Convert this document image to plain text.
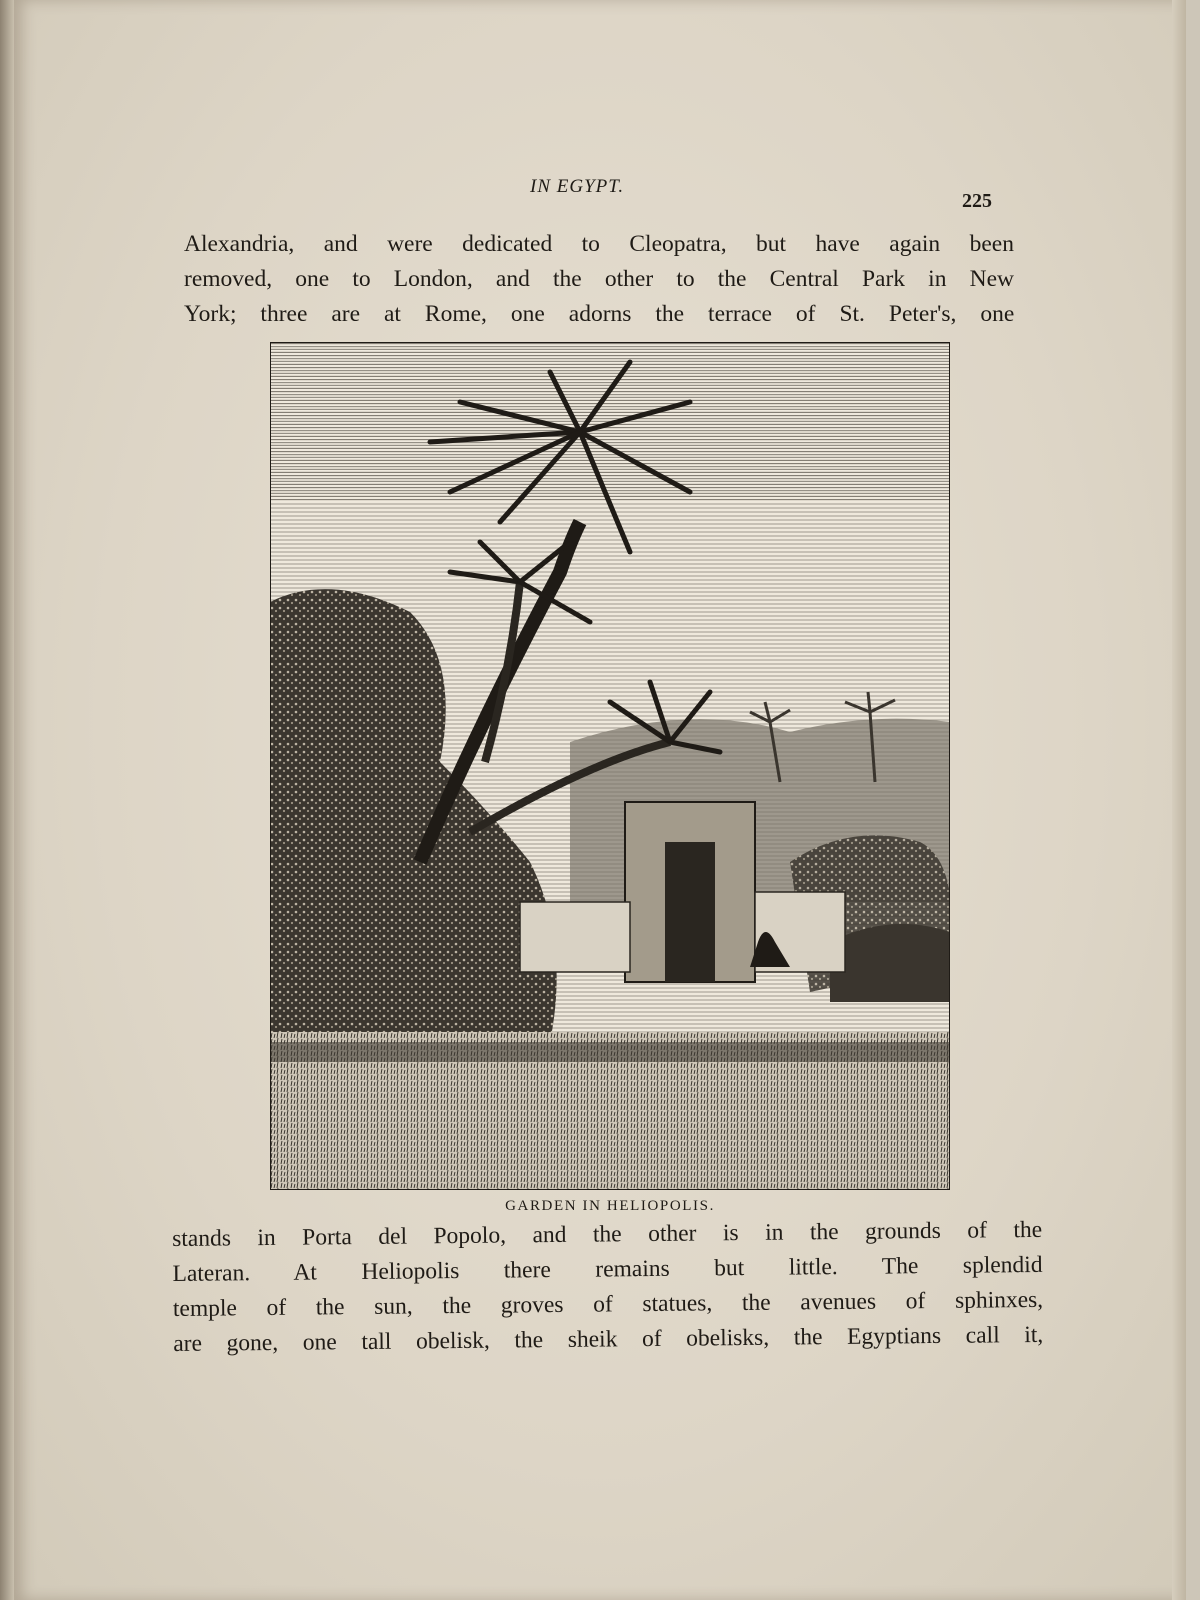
IN EGYPT.
225
Alexandria, and were dedicated to Cleopatra, but have again been
removed, one to London, and the other to the Central Park in New
York; three are at Rome, one adorns the terrace of St. Peter's, one
GARDEN IN HELIOPOLIS.
stands in Porta del Popolo, and the other is in the grounds of the
Lateran. At Heliopolis there remains but little. The splendid
temple of the sun, the groves of statues, the avenues of sphinxes,
are gone, one tall obelisk, the sheik of obelisks, the Egyptians call it,
